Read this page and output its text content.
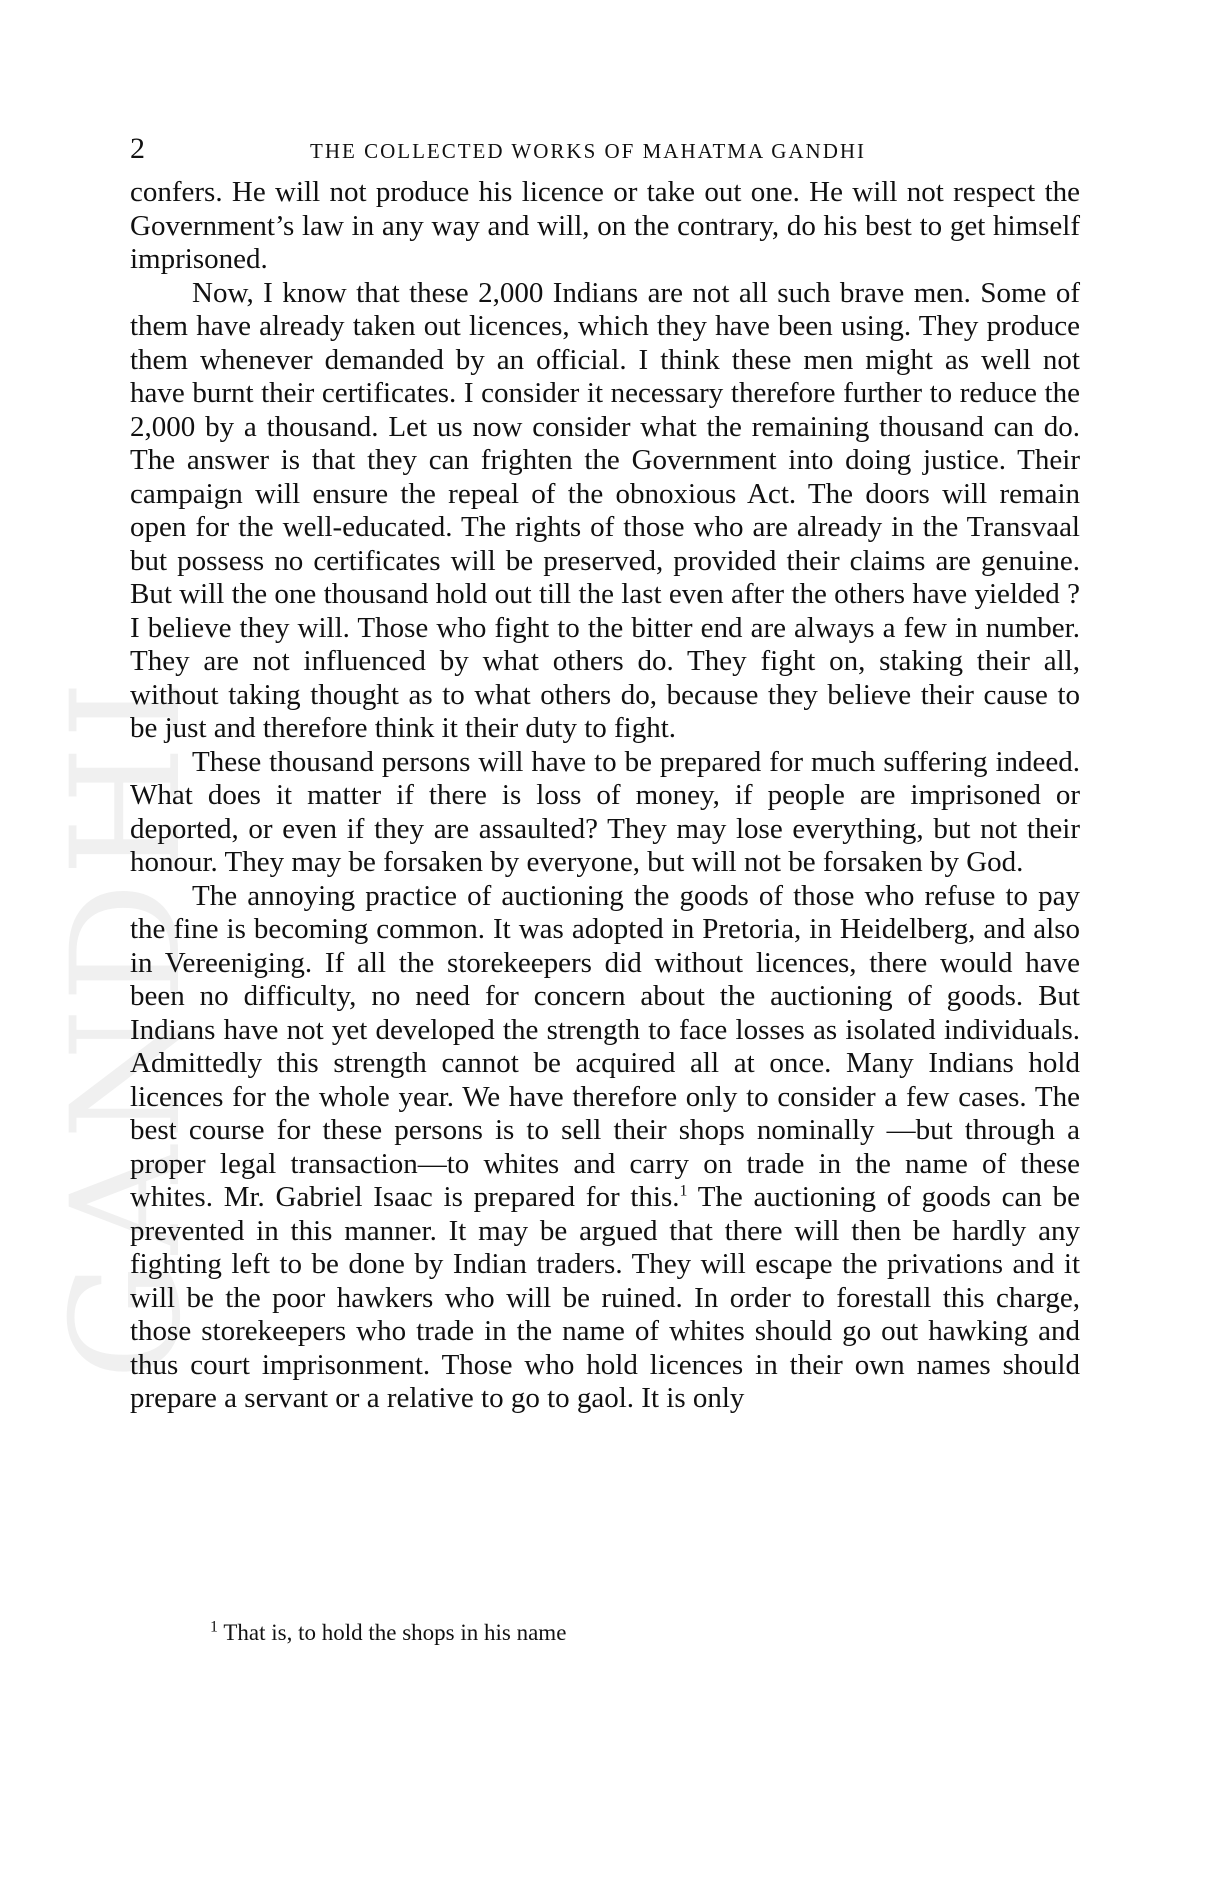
GANDHI
2	THE COLLECTED WORKS OF MAHATMA GANDHI

confers. He will not produce his licence or take out one. He will not respect the Government’s law in any way and will, on the contrary, do his best to get himself imprisoned.

Now, I know that these 2,000 Indians are not all such brave men. Some of them have already taken out licences, which they have been using. They produce them whenever demanded by an official. I think these men might as well not have burnt their certificates. I consider it necessary therefore further to reduce the 2,000 by a thousand. Let us now consider what the remaining thousand can do. The answer is that they can frighten the Government into doing justice. Their campaign will ensure the repeal of the obnoxious Act. The doors will remain open for the well-educated. The rights of those who are already in the Transvaal but possess no certificates will be preserved, provided their claims are genuine. But will the one thousand hold out till the last even after the others have yielded ? I believe they will. Those who fight to the bitter end are always a few in number. They are not influenced by what others do. They fight on, staking their all, without taking thought as to what others do, because they believe their cause to be just and therefore think it their duty to fight.

These thousand persons will have to be prepared for much suffering indeed. What does it matter if there is loss of money, if people are imprisoned or deported, or even if they are assaulted? They may lose everything, but not their honour. They may be forsaken by everyone, but will not be forsaken by God.

The annoying practice of auctioning the goods of those who refuse to pay the fine is becoming common. It was adopted in Pretoria, in Heidelberg, and also in Vereeniging. If all the storekeepers did without licences, there would have been no difficulty, no need for concern about the auctioning of goods. But Indians have not yet developed the strength to face losses as isolated individuals. Admittedly this strength cannot be acquired all at once. Many Indians hold licences for the whole year. We have therefore only to consider a few cases. The best course for these persons is to sell their shops nominally —but through a proper legal transaction—to whites and carry on trade in the name of these whites. Mr. Gabriel Isaac is prepared for this.$^1$ The auctioning of goods can be prevented in this manner. It may be argued that there will then be hardly any fighting left to be done by Indian traders. They will escape the privations and it will be the poor hawkers who will be ruined. In order to forestall this charge, those storekeepers who trade in the name of whites should go out hawking and thus court imprisonment. Those who hold licences in their own names should prepare a servant or a relative to go to gaol. It is only

$^1$ That is, to hold the shops in his name
